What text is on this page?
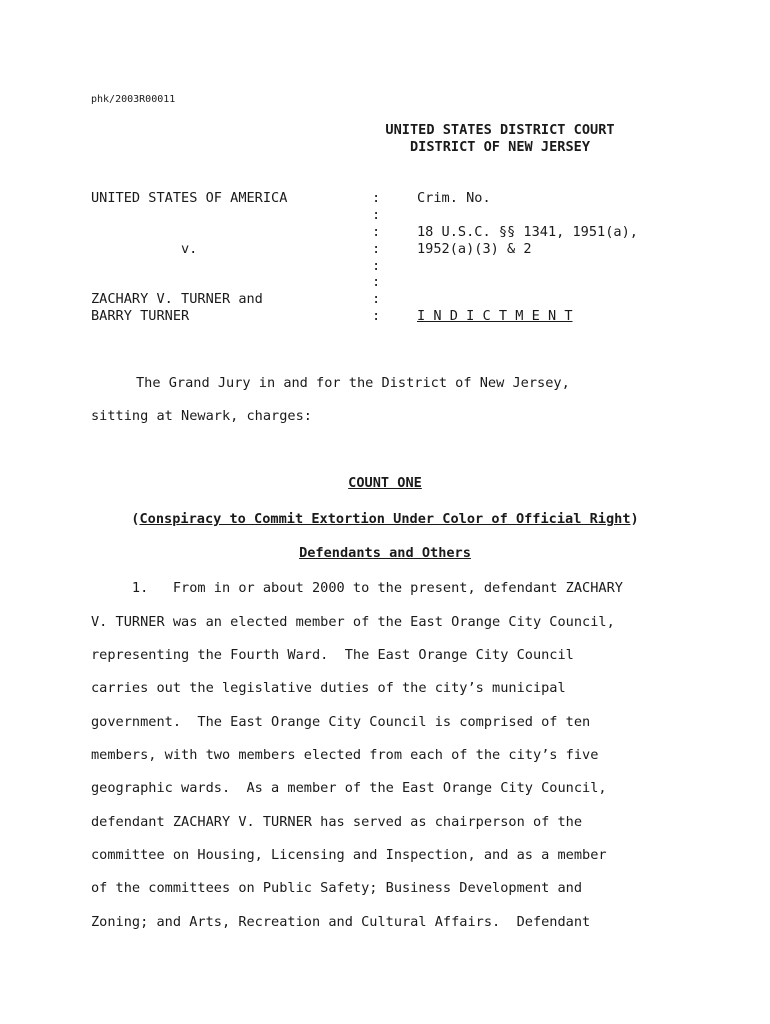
phk/2003R00011
UNITED STATES DISTRICT COURT
DISTRICT OF NEW JERSEY
UNITED STATES OF AMERICA
v.
ZACHARY V. TURNER and
BARRY TURNER
:
:
:
:
:
:
:
:
Crim. No.
18 U.S.C. §§ 1341, 1951(a),
1952(a)(3) & 2
I N D I C T M E N T
The Grand Jury in and for the District of New Jersey,
sitting at Newark, charges:
COUNT ONE
(Conspiracy to Commit Extortion Under Color of Official Right)
Defendants and Others
1.   From in or about 2000 to the present, defendant ZACHARY
V. TURNER was an elected member of the East Orange City Council,
representing the Fourth Ward.  The East Orange City Council
carries out the legislative duties of the city’s municipal
government.  The East Orange City Council is comprised of ten
members, with two members elected from each of the city’s five
geographic wards.  As a member of the East Orange City Council,
defendant ZACHARY V. TURNER has served as chairperson of the
committee on Housing, Licensing and Inspection, and as a member
of the committees on Public Safety; Business Development and
Zoning; and Arts, Recreation and Cultural Affairs.  Defendant
